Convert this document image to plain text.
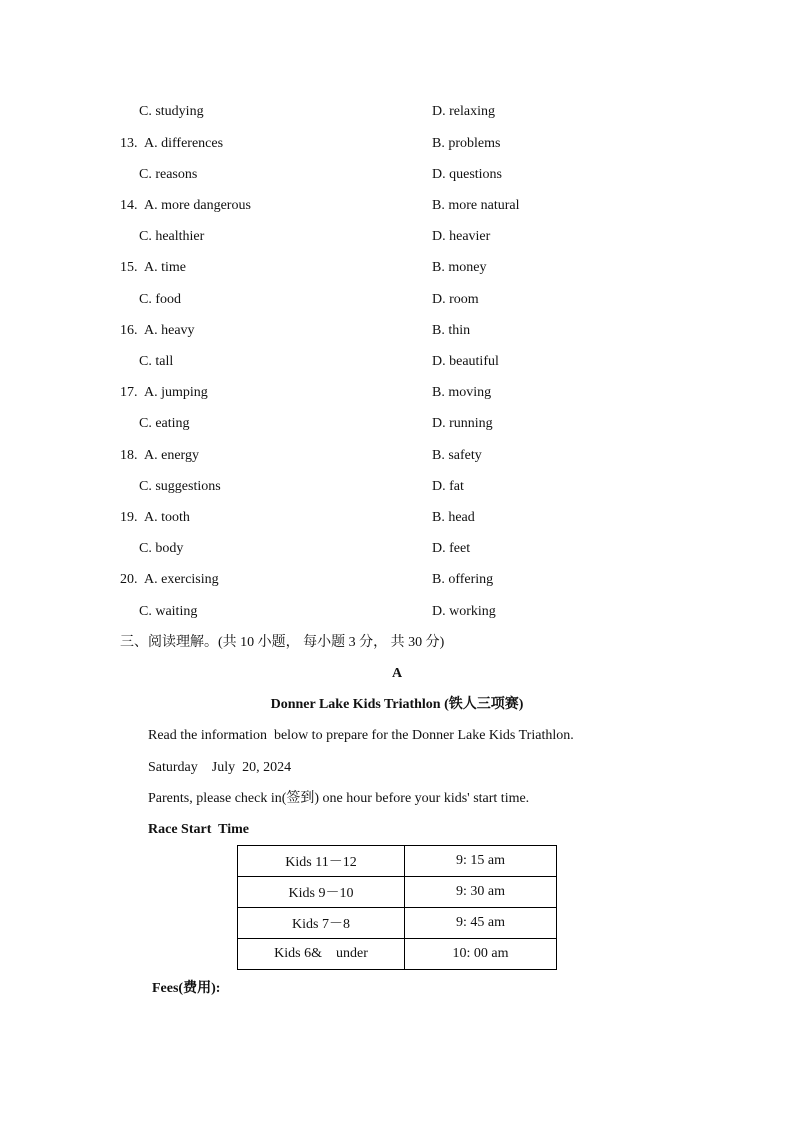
C. studying	D. relaxing
13. A. differences	B. problems
C. reasons	D. questions
14. A. more dangerous	B. more natural
C. healthier	D. heavier
15. A. time	B. money
C. food	D. room
16. A. heavy	B. thin
C. tall	D. beautiful
17. A. jumping	B. moving
C. eating	D. running
18. A. energy	B. safety
C. suggestions	D. fat
19. A. tooth	B. head
C. body	D. feet
20. A. exercising	B. offering
C. waiting	D. working
三、阅读理解。(共 10 小题， 每小题 3 分， 共 30 分)
A
Donner Lake Kids Triathlon (铁人三项赛)
Read the information  below to prepare for the Donner Lake Kids Triathlon.
Saturday    July  20, 2024
Parents, please check in(签到) one hour before your kids' start time.
Race Start  Time
Kids 11－12	9: 15 am
Kids 9－10	9: 30 am
Kids 7－8	9: 45 am
Kids 6&    under	10: 00 am
Fees(费用):
